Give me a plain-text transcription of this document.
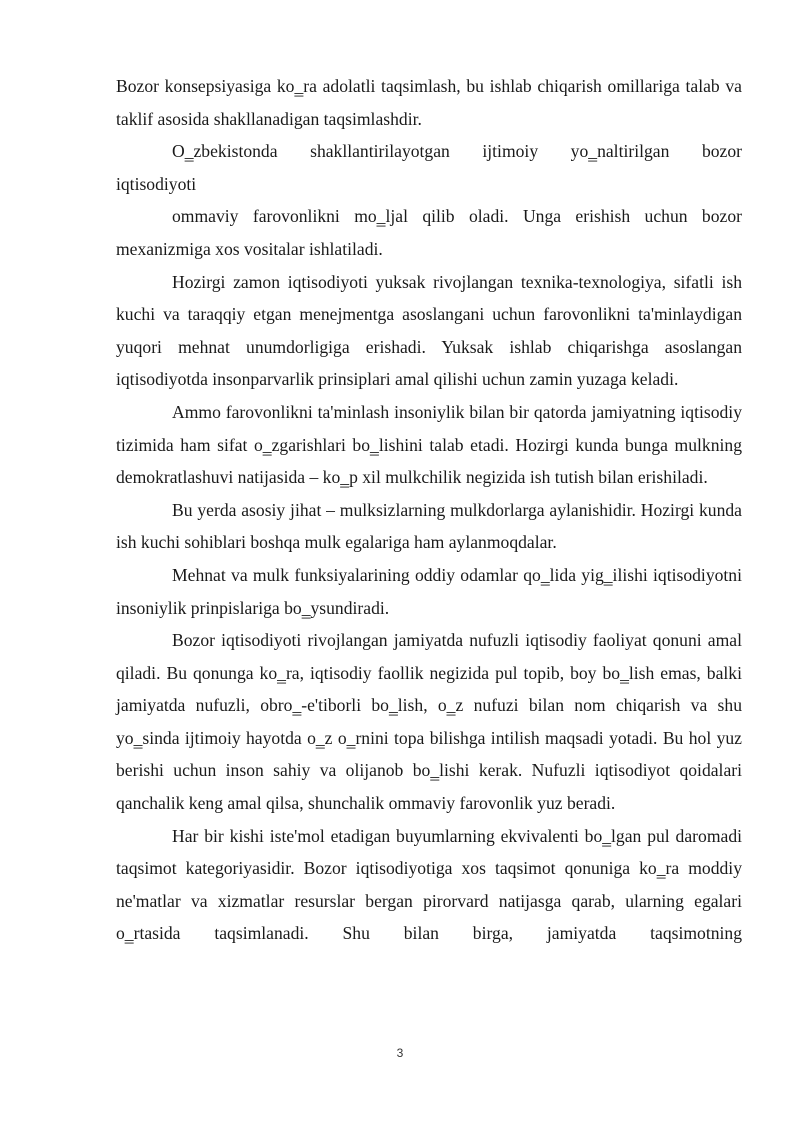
Bozor konsepsiyasiga ko‗ra adolatli taqsimlash, bu ishlab chiqarish omillariga talab va taklif asosida shakllanadigan taqsimlashdir.

O‗zbekistonda shakllantirilayotgan ijtimoiy yo‗naltirilgan bozor

iqtisodiyoti

ommaviy farovonlikni mo‗ljal qilib oladi. Unga erishish uchun bozor mexanizmiga xos vositalar ishlatiladi.

Hozirgi zamon iqtisodiyoti yuksak rivojlangan texnika-texnologiya, sifatli ish kuchi va taraqqiy etgan menejmentga asoslangani uchun farovonlikni ta'minlaydigan yuqori mehnat unumdorligiga erishadi. Yuksak ishlab chiqarishga asoslangan iqtisodiyotda insonparvarlik prinsiplari amal qilishi uchun zamin yuzaga keladi.

Ammo farovonlikni ta'minlash insoniylik bilan bir qatorda jamiyatning iqtisodiy tizimida ham sifat o‗zgarishlari bo‗lishini talab etadi. Hozirgi kunda bunga mulkning demokratlashuvi natijasida – ko‗p xil mulkchilik negizida ish tutish bilan erishiladi.

Bu yerda asosiy jihat – mulksizlarning mulkdorlarga aylanishidir. Hozirgi kunda ish kuchi sohiblari boshqa mulk egalariga ham aylanmoqdalar.

Mehnat va mulk funksiyalarining oddiy odamlar qo‗lida yig‗ilishi iqtisodiyotni insoniylik prinpislariga bo‗ysundiradi.

Bozor iqtisodiyoti rivojlangan jamiyatda nufuzli iqtisodiy faoliyat qonuni amal qiladi. Bu qonunga ko‗ra, iqtisodiy faollik negizida pul topib, boy bo‗lish emas, balki jamiyatda nufuzli, obro‗-e'tiborli bo‗lish, o‗z nufuzi bilan nom chiqarish va shu yo‗sinda ijtimoiy hayotda o‗z o‗rnini topa bilishga intilish maqsadi yotadi. Bu hol yuz berishi uchun inson sahiy va olijanob bo‗lishi kerak. Nufuzli iqtisodiyot qoidalari qanchalik keng amal qilsa, shunchalik ommaviy farovonlik yuz beradi.

Har bir kishi iste'mol etadigan buyumlarning ekvivalenti bo‗lgan pul daromadi taqsimot kategoriyasidir. Bozor iqtisodiyotiga xos taqsimot qonuniga ko‗ra moddiy ne'matlar va xizmatlar resurslar bergan pirorvard natijasga qarab, ularning egalari o‗rtasida taqsimlanadi. Shu bilan birga, jamiyatda taqsimotning

3
